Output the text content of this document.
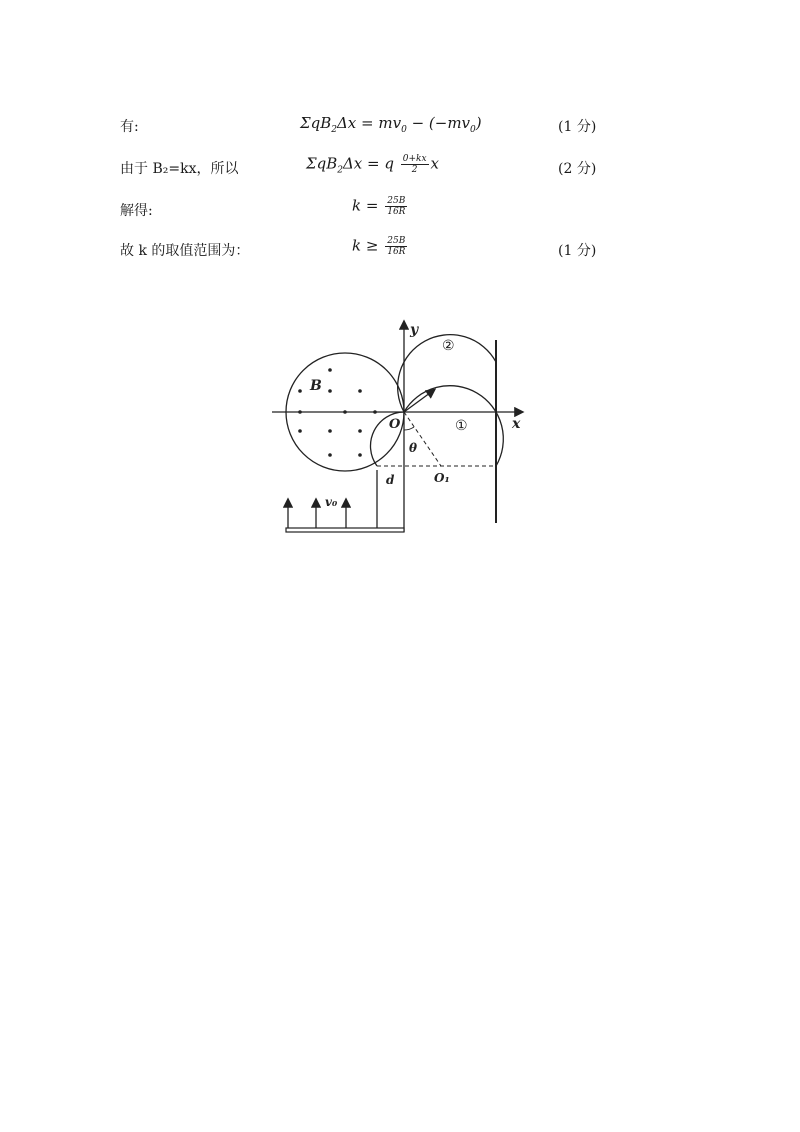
有:	$\Sigma qB_2\Delta x = mv_0 - (-mv_0)$	(1 分)
由于 B₂=kx，所以	ΣqB$_2$Δx = q $\frac{0+kx}{2}$ x	(2 分)
解得:	$k = \frac{25B}{16R}$
故 k 的取值范围为：	$k \ge \frac{25B}{16R}$	(1 分)
y
x
O
B
θ
O₁
d
v₀
①
②
